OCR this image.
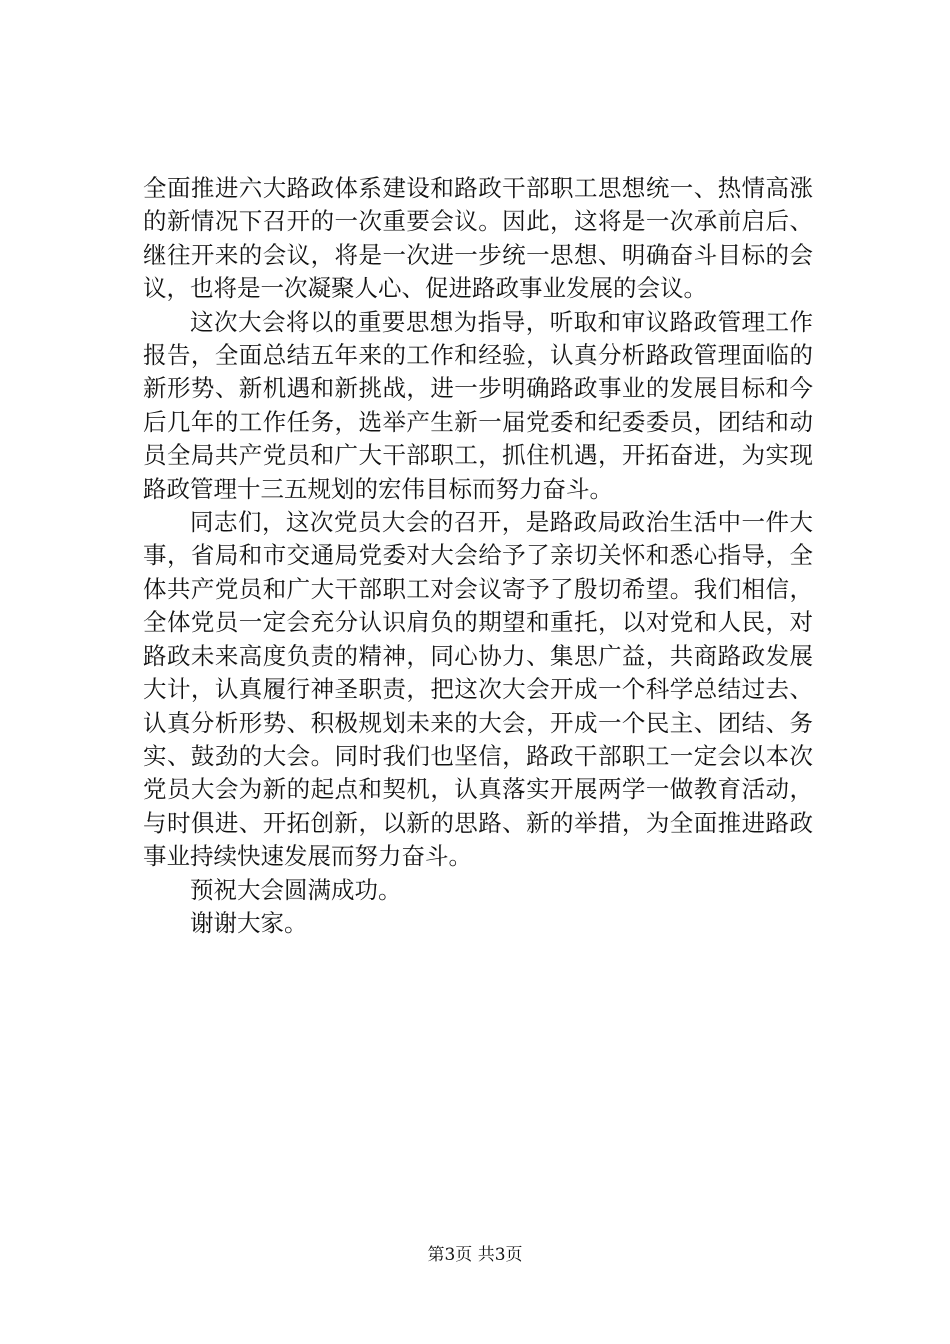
全面推进六大路政体系建设和路政干部职工思想统一、热情高涨的新情况下召开的一次重要会议。因此，这将是一次承前启后、继往开来的会议，将是一次进一步统一思想、明确奋斗目标的会议，也将是一次凝聚人心、促进路政事业发展的会议。

这次大会将以的重要思想为指导，听取和审议路政管理工作报告，全面总结五年来的工作和经验，认真分析路政管理面临的新形势、新机遇和新挑战，进一步明确路政事业的发展目标和今后几年的工作任务，选举产生新一届党委和纪委委员，团结和动员全局共产党员和广大干部职工，抓住机遇，开拓奋进，为实现路政管理十三五规划的宏伟目标而努力奋斗。

同志们，这次党员大会的召开，是路政局政治生活中一件大事，省局和市交通局党委对大会给予了亲切关怀和悉心指导，全体共产党员和广大干部职工对会议寄予了殷切希望。我们相信，全体党员一定会充分认识肩负的期望和重托，以对党和人民，对路政未来高度负责的精神，同心协力、集思广益，共商路政发展大计，认真履行神圣职责，把这次大会开成一个科学总结过去、认真分析形势、积极规划未来的大会，开成一个民主、团结、务实、鼓劲的大会。同时我们也坚信，路政干部职工一定会以本次党员大会为新的起点和契机，认真落实开展两学一做教育活动，与时俱进、开拓创新，以新的思路、新的举措，为全面推进路政事业持续快速发展而努力奋斗。

预祝大会圆满成功。

谢谢大家。

第3页 共3页
